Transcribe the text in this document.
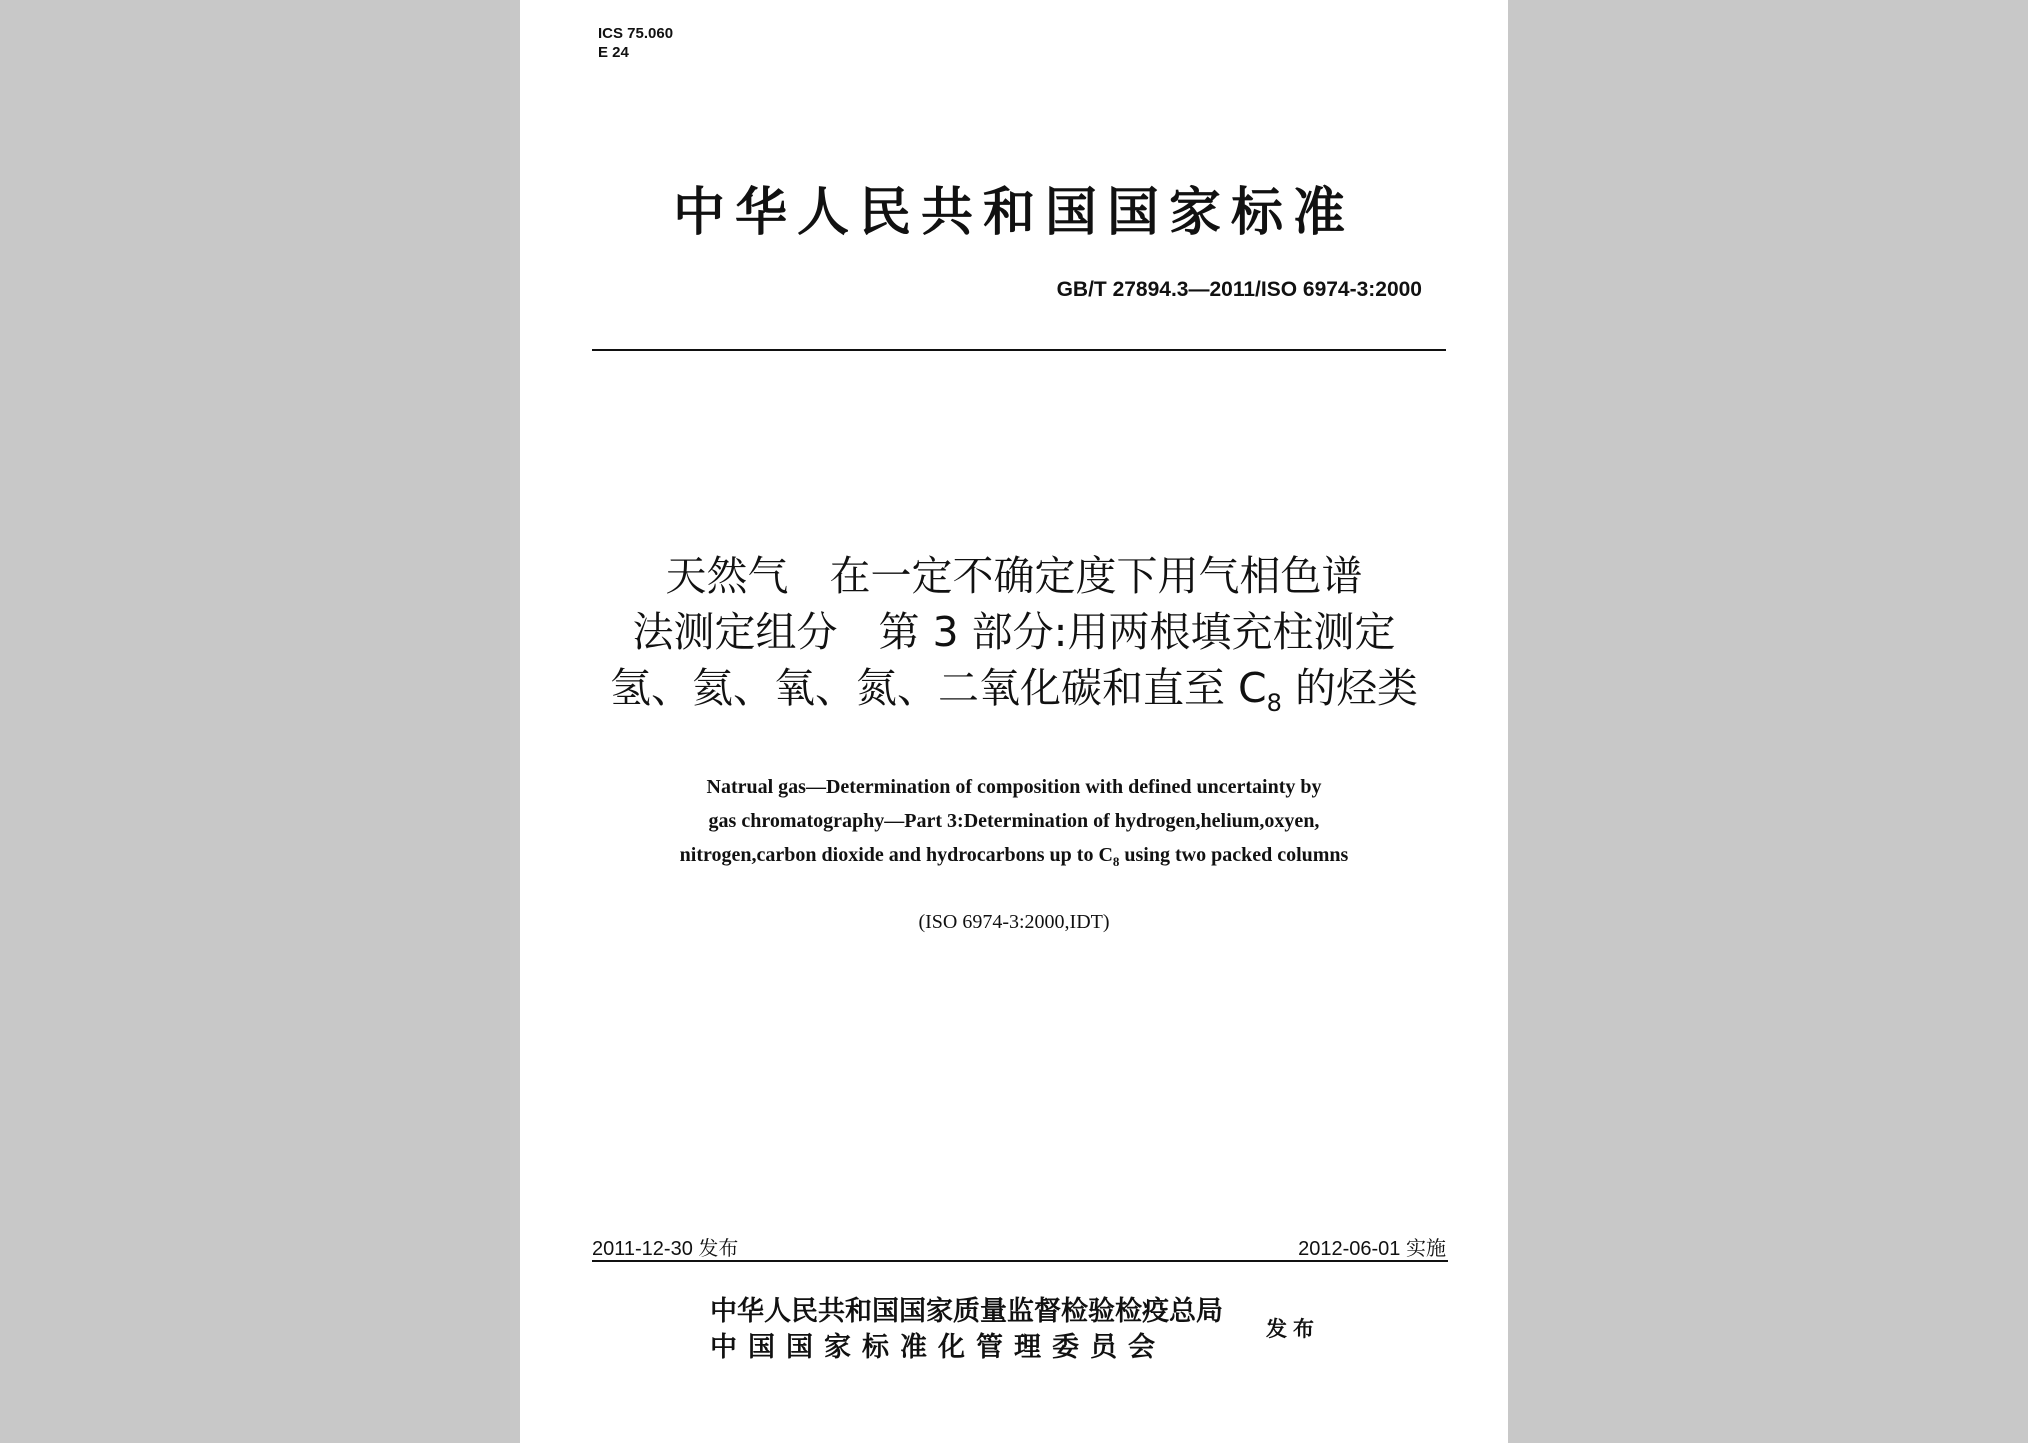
ICS 75.060
E 24
中华人民共和国国家标准
GB/T 27894.3—2011/ISO 6974-3:2000
天然气　在一定不确定度下用气相色谱
法测定组分　第 3 部分:用两根填充柱测定
氢、氦、氧、氮、二氧化碳和直至 $C_8$ 的烃类
Natrual gas—Determination of composition with defined uncertainty by
gas chromatography—Part 3:Determination of hydrogen,helium,oxyen,
nitrogen,carbon dioxide and hydrocarbons up to $C_8$ using two packed columns
(ISO 6974-3:2000,IDT)
2011-12-30 发布	2012-06-01 实施
中华人民共和国国家质量监督检验检疫总局
中国国家标准化管理委员会
发布
